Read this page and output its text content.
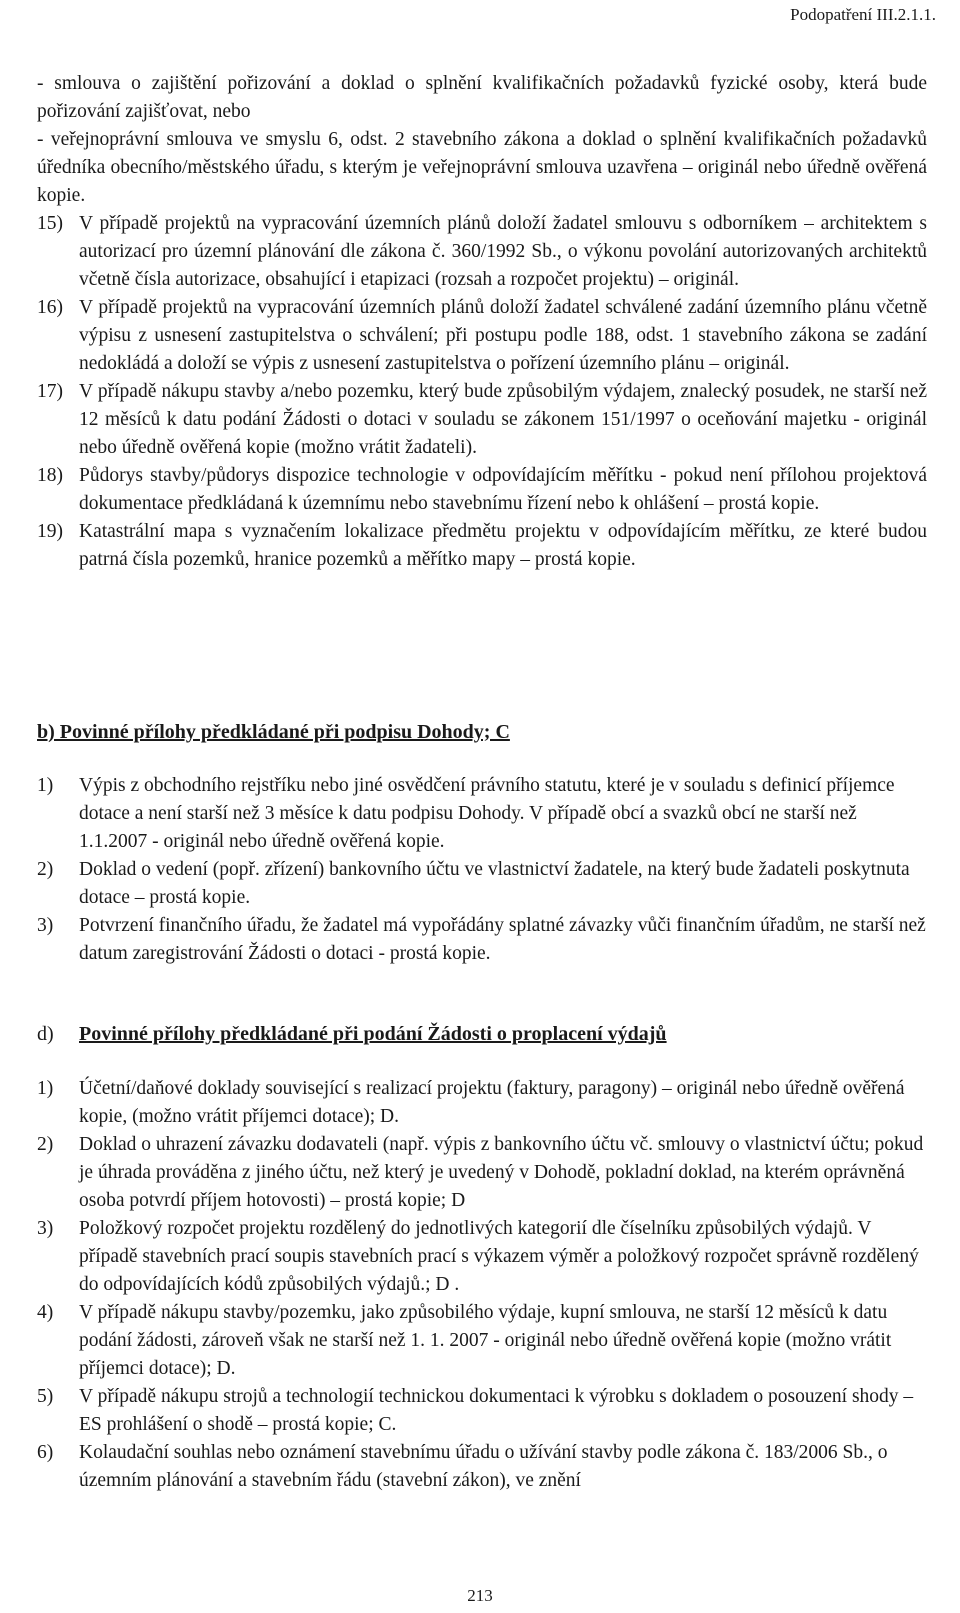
Podopatření III.2.1.1.
- smlouva o zajištění pořizování a doklad o splnění kvalifikačních požadavků fyzické osoby, která bude pořizování zajišťovat, nebo
- veřejnoprávní smlouva ve smyslu 6, odst. 2 stavebního zákona a doklad o splnění kvalifikačních požadavků úředníka obecního/městského úřadu, s kterým je veřejnoprávní smlouva uzavřena – originál nebo úředně ověřená kopie.
15) V případě projektů na vypracování územních plánů doloží žadatel smlouvu s odborníkem – architektem s autorizací pro územní plánování dle zákona č. 360/1992 Sb., o výkonu povolání autorizovaných architektů včetně čísla autorizace, obsahující i etapizaci (rozsah a rozpočet projektu) – originál.
16) V případě projektů na vypracování územních plánů doloží žadatel schválené zadání územního plánu včetně výpisu z usnesení zastupitelstva o schválení; při postupu podle 188, odst. 1 stavebního zákona se zadání nedokládá a doloží se výpis z usnesení zastupitelstva o pořízení územního plánu – originál.
17) V případě nákupu stavby a/nebo pozemku, který bude způsobilým výdajem, znalecký posudek, ne starší než 12 měsíců k datu podání Žádosti o dotaci v souladu se zákonem 151/1997 o oceňování majetku - originál nebo úředně ověřená kopie (možno vrátit žadateli).
18) Půdorys stavby/půdorys dispozice technologie v odpovídajícím měřítku - pokud není přílohou projektová dokumentace předkládaná k územnímu nebo stavebnímu řízení nebo k ohlášení – prostá kopie.
19) Katastrální mapa s vyznačením lokalizace předmětu projektu v odpovídajícím měřítku, ze které budou patrná čísla pozemků, hranice pozemků a měřítko mapy – prostá kopie.
b) Povinné přílohy předkládané při podpisu Dohody; C
1)	Výpis z obchodního rejstříku nebo jiné osvědčení právního statutu, které je v souladu s definicí příjemce dotace a není starší než 3 měsíce k datu podpisu Dohody. V případě obcí a svazků obcí ne starší než 1.1.2007 - originál nebo úředně ověřená kopie.
2)	Doklad o vedení (popř. zřízení) bankovního účtu ve vlastnictví žadatele, na který bude žadateli poskytnuta dotace – prostá kopie.
3)	Potvrzení finančního úřadu, že žadatel má vypořádány splatné závazky vůči finančním úřadům, ne starší než datum zaregistrování Žádosti o dotaci - prostá kopie.
d) Povinné přílohy předkládané při podání Žádosti o proplacení výdajů
1)	Účetní/daňové doklady související s realizací projektu (faktury, paragony) – originál nebo úředně ověřená kopie, (možno vrátit příjemci dotace); D.
2)	Doklad o uhrazení závazku dodavateli (např. výpis z bankovního účtu vč. smlouvy o vlastnictví účtu; pokud je úhrada prováděna z jiného účtu, než který je uvedený v Dohodě, pokladní doklad, na kterém oprávněná osoba potvrdí příjem hotovosti) – prostá kopie; D
3)	Položkový rozpočet projektu rozdělený do jednotlivých kategorií dle číselníku způsobilých výdajů. V případě stavebních prací soupis stavebních prací s výkazem výměr a položkový rozpočet správně rozdělený do odpovídajících kódů způsobilých výdajů.; D .
4)	V případě nákupu stavby/pozemku, jako způsobilého výdaje, kupní smlouva, ne starší 12 měsíců k datu podání žádosti, zároveň však ne starší než 1. 1. 2007 - originál nebo úředně ověřená kopie (možno vrátit příjemci dotace); D.
5)	V případě nákupu strojů a technologií technickou dokumentaci k výrobku s dokladem o posouzení shody – ES prohlášení o shodě – prostá kopie; C.
6)	Kolaudační souhlas nebo oznámení stavebnímu úřadu o užívání stavby podle zákona č. 183/2006 Sb., o územním plánování a stavebním řádu (stavební zákon), ve znění
213
